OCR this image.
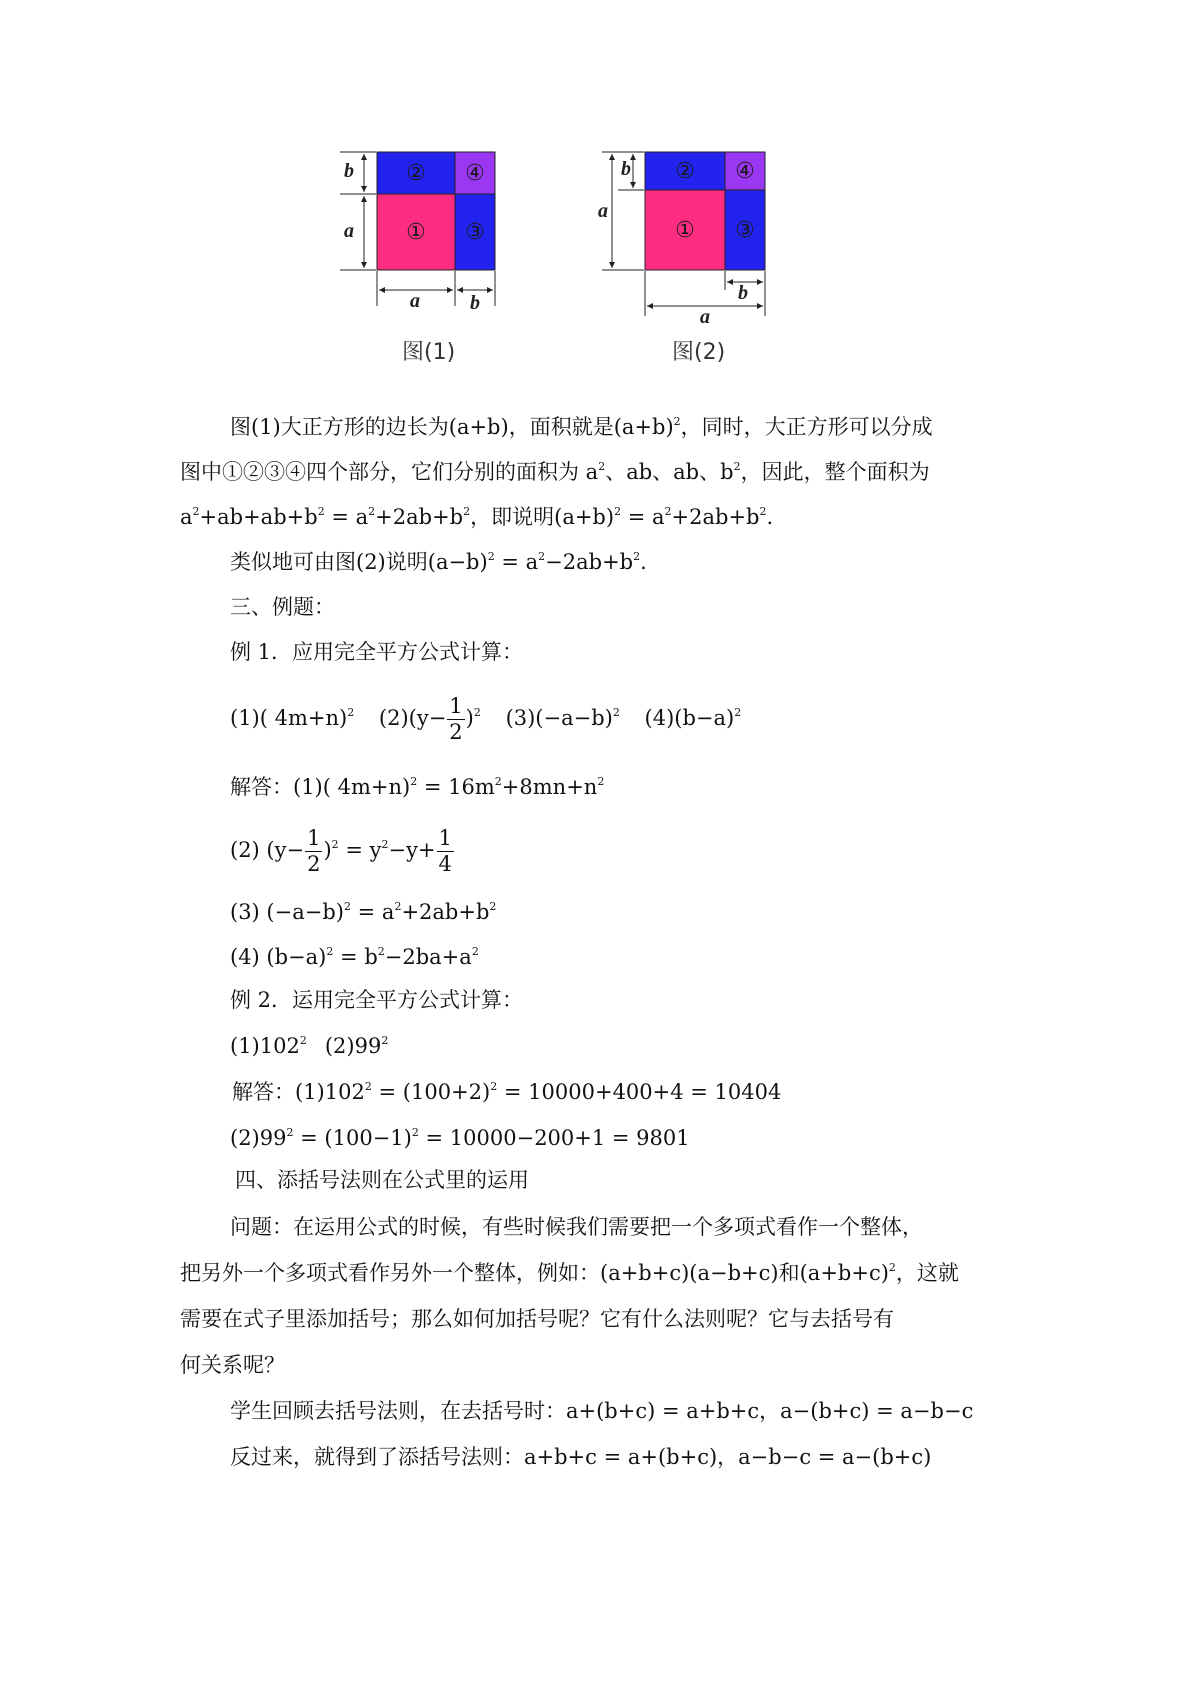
②	④
①	③
b
a
a	b
图(1)
②	④
①	③
b
a
b
a
图(2)
图(1)大正方形的边长为(a+b)，面积就是$(a+b)^2$，同时，大正方形可以分成
图中①②③④四个部分，它们分别的面积为 $a^2$、ab、ab、$b^2$，因此，整个面积为
$a^2+ab+ab+b^2 = a^2+2ab+b^2$，即说明$(a+b)^2 = a^2+2ab+b^2$.
类似地可由图(2)说明$(a-b)^2 = a^2-2ab+b^2$.
三、例题：
例 1．应用完全平方公式计算：
(1)( 4m+n)$^2$ $(2)(y- \frac{1}{2} )^2$ $(3)(-a-b)^2$ $(4)(b-a)^2$
解答：(1)( $4m+n)^2 = 16m^2+8mn+n^2$
(2) $(y- \frac{1}{2} )^2 = y^2-y+ \frac{1}{4}$
(3) $(-a-b)^2 = a^2+2ab+b^2$
(4) $(b-a)^2 = b^2-2ba+a^2$
例 2．运用完全平方公式计算：
$(1)102^2$ $(2)99^2$
解答：$(1)102^2 = (100+2)^2 = 10000+400+4 = 10404$
$(2)99^2 = (100-1)^2 = 10000-200+1 = 9801$
四、添括号法则在公式里的运用
问题：在运用公式的时候，有些时候我们需要把一个多项式看作一个整体，
把另外一个多项式看作另外一个整体，例如：(a+b+c)(a−b+c)和$(a+b+c)^2$，这就
需要在式子里添加括号；那么如何加括号呢？它有什么法则呢？它与去括号有
何关系呢？
学生回顾去括号法则，在去括号时：a+(b+c) = a+b+c，a−(b+c) = a−b−c
反过来，就得到了添括号法则：a+b+c = a+(b+c)，a−b−c = a−(b+c)
